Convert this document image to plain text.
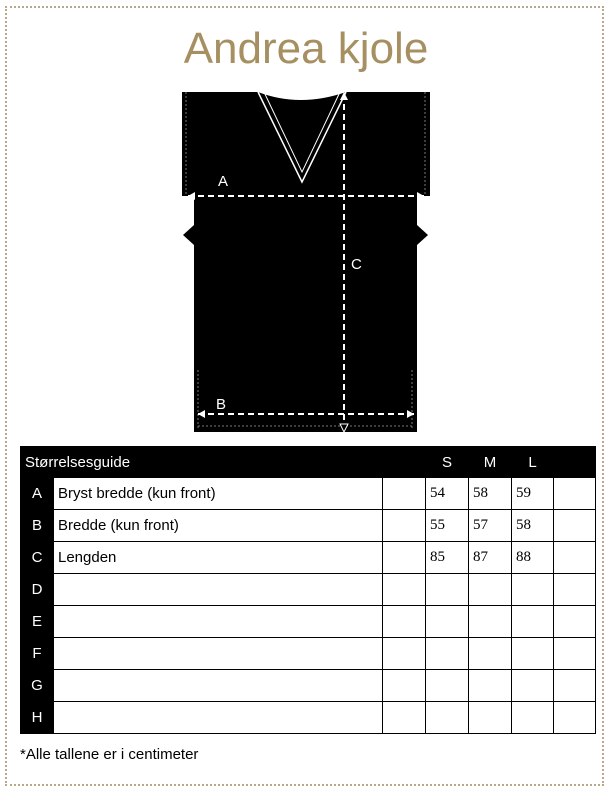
Andrea kjole
A
B
C
Størrelsesguide			S	M	L	
A	Bryst bredde (kun front)		54	58	59	
B	Bredde (kun front)		55	57	58	
C	Lengden		85	87	88	
D						
E						
F						
G						
H						
*Alle tallene er i centimeter
